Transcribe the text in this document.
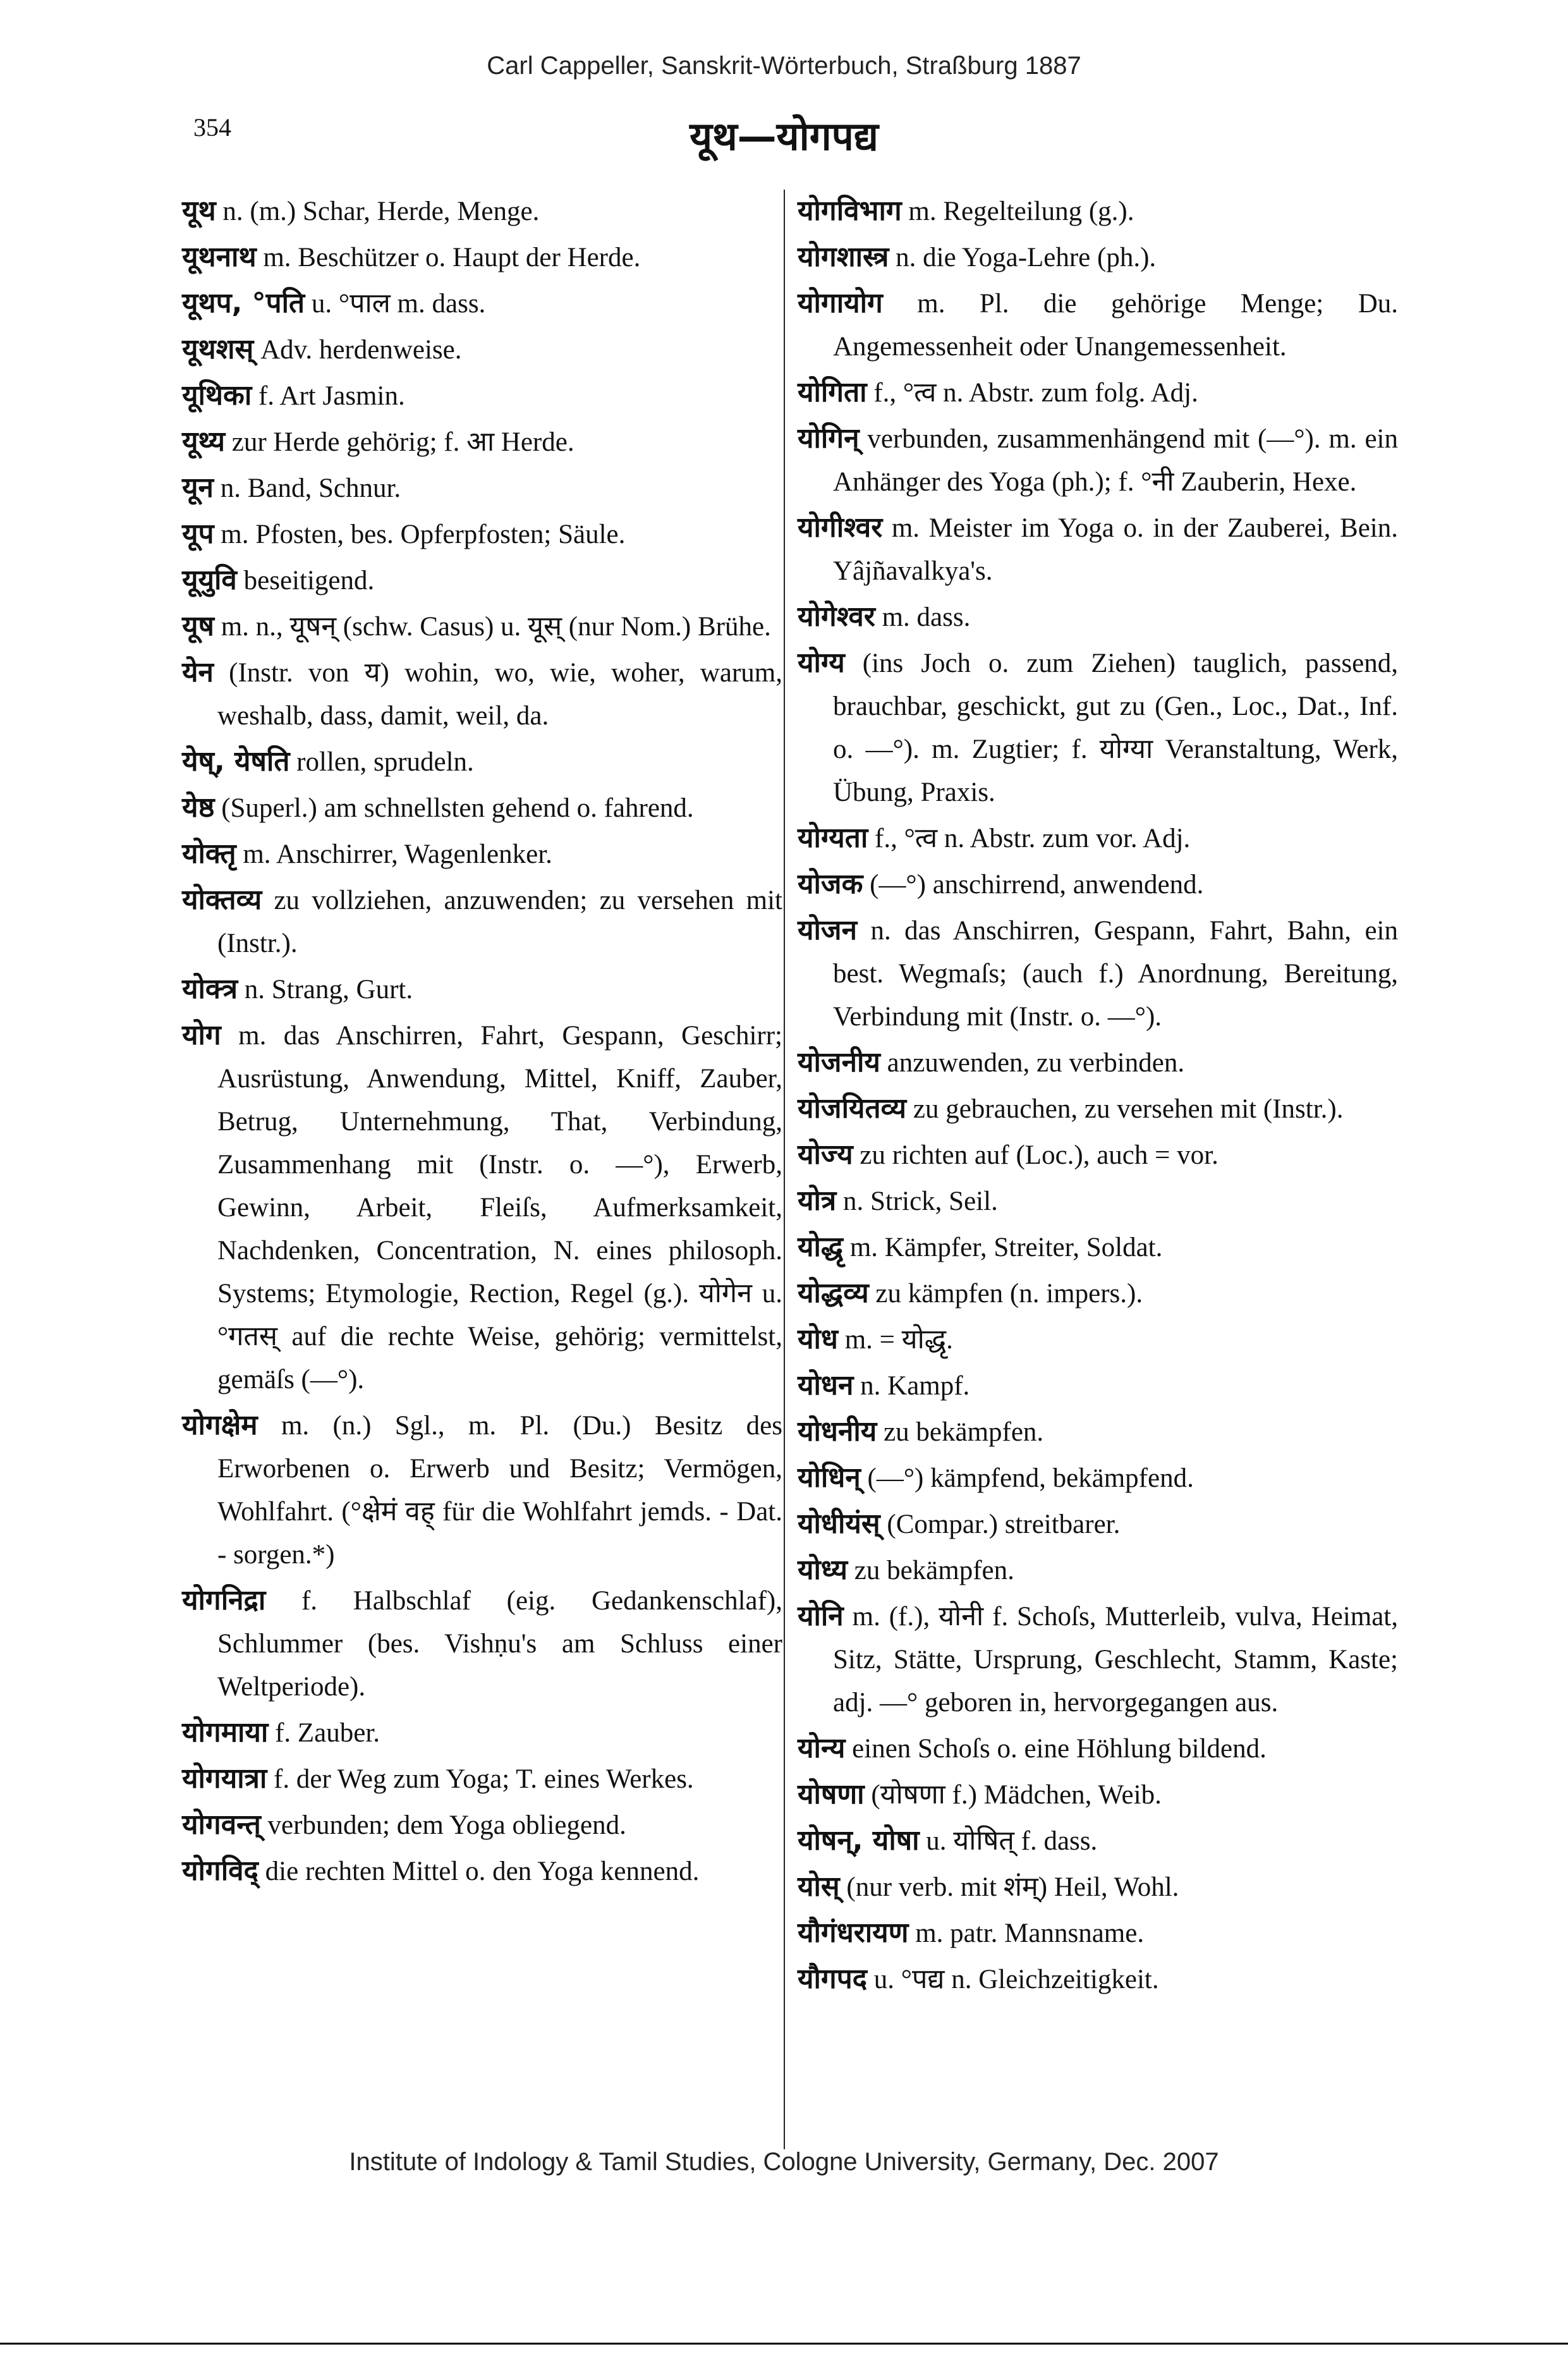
Carl Cappeller, Sanskrit-Wörterbuch, Straßburg 1887
354	यूथ—योगपद्य
यूथ n. (m.) Schar, Herde, Menge.
यूथनाथ m. Beschützer o. Haupt der Herde.
यूथप, °पति u. °पाल m. dass.
यूथशस् Adv. herdenweise.
यूथिका f. Art Jasmin.
यूथ्य zur Herde gehörig; f. आ Herde.
यून n. Band, Schnur.
यूप m. Pfosten, bes. Opferpfosten; Säule.
यूयुवि beseitigend.
यूष m. n., यूषन् (schw. Casus) u. यूस् (nur Nom.) Brühe.
येन (Instr. von य) wohin, wo, wie, woher, warum, weshalb, dass, damit, weil, da.
येष्, येषति rollen, sprudeln.
येष्ठ (Superl.) am schnellsten gehend o. fahrend.
योक्तृ m. Anschirrer, Wagenlenker.
योक्तव्य zu vollziehen, anzuwenden; zu versehen mit (Instr.).
योक्त्र n. Strang, Gurt.
योग m. das Anschirren, Fahrt, Gespann, Geschirr; Ausrüstung, Anwendung, Mittel, Kniff, Zauber, Betrug, Unternehmung, That, Verbindung, Zusammenhang mit (Instr. o. —°), Erwerb, Gewinn, Arbeit, Fleiſs, Aufmerksamkeit, Nachdenken, Concentration, N. eines philosoph. Systems; Etymologie, Rection, Regel (g.). योगेन u. °गतस् auf die rechte Weise, gehörig; vermittelst, gemäſs (—°).
योगक्षेम m. (n.) Sgl., m. Pl. (Du.) Besitz des Erworbenen o. Erwerb und Besitz; Vermögen, Wohlfahrt. (°क्षेमं वह् für die Wohlfahrt jemds. - Dat. - sorgen.*)
योगनिद्रा f. Halbschlaf (eig. Gedankenschlaf), Schlummer (bes. Vishṇu's am Schluss einer Weltperiode).
योगमाया f. Zauber.
योगयात्रा f. der Weg zum Yoga; T. eines Werkes.
योगवन्त् verbunden; dem Yoga obliegend.
योगविद् die rechten Mittel o. den Yoga kennend.
योगविभाग m. Regelteilung (g.).
योगशास्त्र n. die Yoga-Lehre (ph.).
योगायोग m. Pl. die gehörige Menge; Du. Angemessenheit oder Unangemessenheit.
योगिता f., °त्व n. Abstr. zum folg. Adj.
योगिन् verbunden, zusammenhängend mit (—°). m. ein Anhänger des Yoga (ph.); f. °नी Zauberin, Hexe.
योगीश्वर m. Meister im Yoga o. in der Zauberei, Bein. Yâjñavalkya's.
योगेश्वर m. dass.
योग्य (ins Joch o. zum Ziehen) tauglich, passend, brauchbar, geschickt, gut zu (Gen., Loc., Dat., Inf. o. —°). m. Zugtier; f. योग्या Veranstaltung, Werk, Übung, Praxis.
योग्यता f., °त्व n. Abstr. zum vor. Adj.
योजक (—°) anschirrend, anwendend.
योजन n. das Anschirren, Gespann, Fahrt, Bahn, ein best. Wegmaſs; (auch f.) Anordnung, Bereitung, Verbindung mit (Instr. o. —°).
योजनीय anzuwenden, zu verbinden.
योजयितव्य zu gebrauchen, zu versehen mit (Instr.).
योज्य zu richten auf (Loc.), auch = vor.
योत्र n. Strick, Seil.
योद्धृ m. Kämpfer, Streiter, Soldat.
योद्धव्य zu kämpfen (n. impers.).
योध m. = योद्धृ.
योधन n. Kampf.
योधनीय zu bekämpfen.
योधिन् (—°) kämpfend, bekämpfend.
योधीयंस् (Compar.) streitbarer.
योध्य zu bekämpfen.
योनि m. (f.), योनी f. Schoſs, Mutterleib, vulva, Heimat, Sitz, Stätte, Ursprung, Geschlecht, Stamm, Kaste; adj. —° geboren in, hervorgegangen aus.
योन्य einen Schoſs o. eine Höhlung bildend.
योषणा (योषणा f.) Mädchen, Weib.
योषन्, योषा u. योषित् f. dass.
योस् (nur verb. mit शंम्) Heil, Wohl.
यौगंधरायण m. patr. Mannsname.
यौगपद u. °पद्य n. Gleichzeitigkeit.
Institute of Indology & Tamil Studies, Cologne University, Germany, Dec. 2007
